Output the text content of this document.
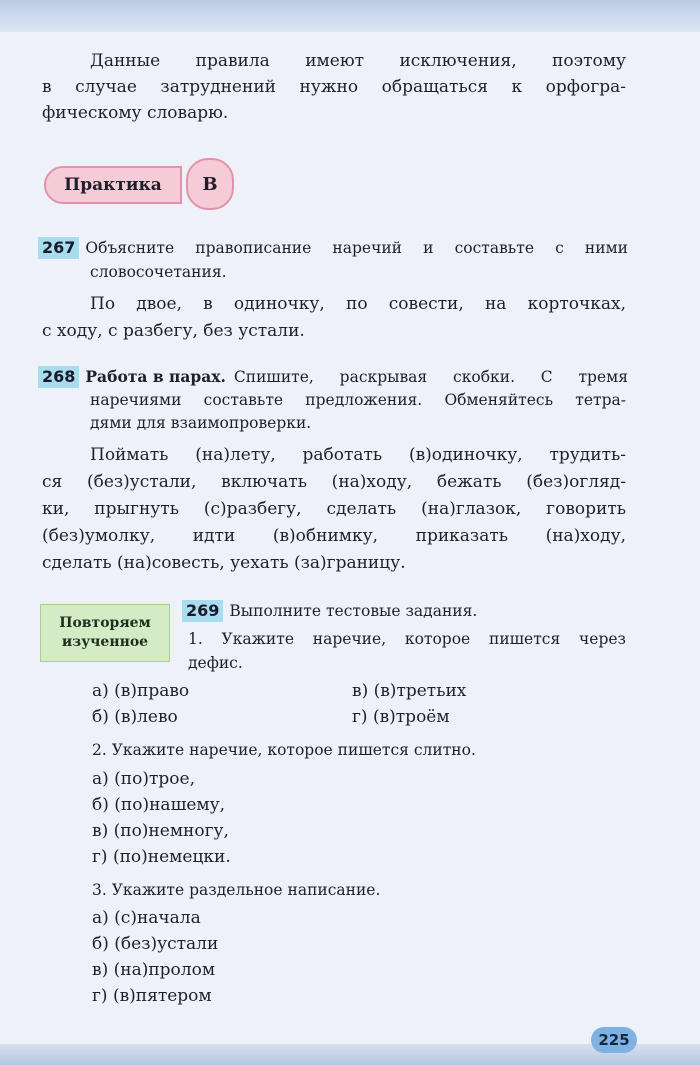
Данные правила имеют исключения, поэтому
в случае затруднений нужно обращаться к орфогра-
фическому словарю.
Практика	В
267 Объясните правописание наречий и составьте с ними
словосочетания.
По двое, в одиночку, по совести, на корточках,
с ходу, с разбегу, без устали.
268 Работа в парах. Спишите, раскрывая скобки. С тремя
наречиями составьте предложения. Обменяйтесь тетра-
дями для взаимопроверки.
Поймать (на)лету, работать (в)одиночку, трудить-
ся (без)устали, включать (на)ходу, бежать (без)огляд-
ки, прыгнуть (с)разбегу, сделать (на)глазок, говорить
(без)умолку, идти (в)обнимку, приказать (на)ходу,
сделать (на)совесть, уехать (за)границу.
Повторяем
изученное
269 Выполните тестовые задания.
1. Укажите наречие, которое пишется через
дефис.
а) (в)право
б) (в)лево
в) (в)третьих
г) (в)троём
2. Укажите наречие, которое пишется слитно.
а) (по)трое,
б) (по)нашему,
в) (по)немногу,
г) (по)немецки.
3. Укажите раздельное написание.
а) (с)начала
б) (без)устали
в) (на)пролом
г) (в)пятером
225
